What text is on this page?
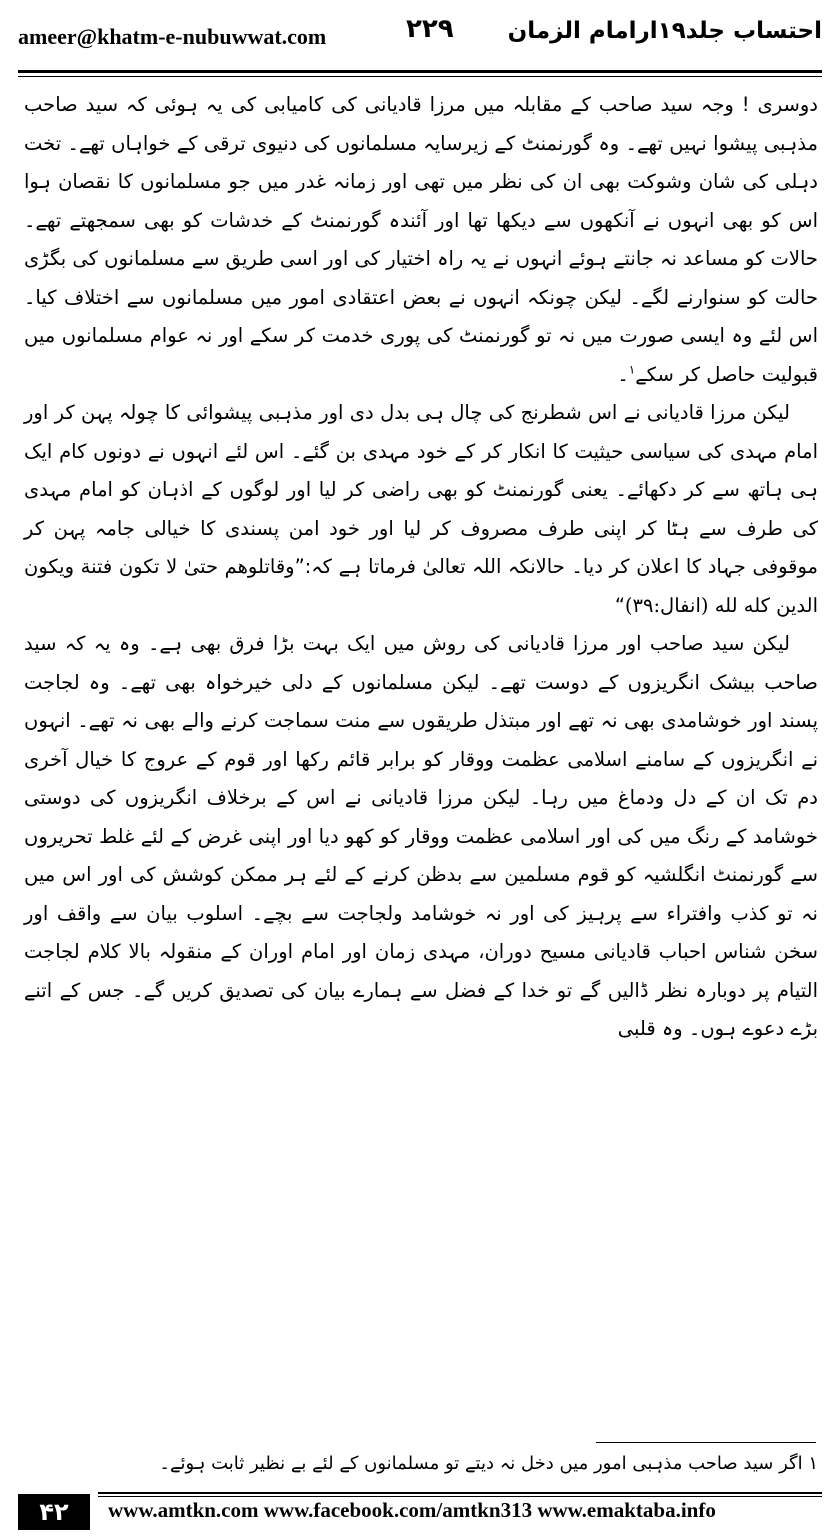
ameer@khatm-e-nubuwwat.com	۲۲۹ احتساب جلد۱۹ارامام الزمان

دوسری ! وجہ سید صاحب کے مقابلہ میں مرزا قادیانی کی کامیابی کی یہ ہوئی کہ سید صاحب مذہبی پیشوا نہیں تھے۔ وہ گورنمنٹ کے زیرسایہ مسلمانوں کی دنیوی ترقی کے خواہاں تھے۔ تخت دہلی کی شان وشوکت بھی ان کی نظر میں تھی اور زمانہ غدر میں جو مسلمانوں کا نقصان ہوا اس کو بھی انہوں نے آنکھوں سے دیکھا تھا اور آئندہ گورنمنٹ کے خدشات کو بھی سمجھتے تھے۔ حالات کو مساعد نہ جانتے ہوئے انہوں نے یہ راہ اختیار کی اور اسی طریق سے مسلمانوں کی بگڑی حالت کو سنوارنے لگے۔ لیکن چونکہ انہوں نے بعض اعتقادی امور میں مسلمانوں سے اختلاف کیا۔ اس لئے وہ ایسی صورت میں نہ تو گورنمنٹ کی پوری خدمت کر سکے اور نہ عوام مسلمانوں میں قبولیت حاصل کر سکے$^۱$۔

لیکن مرزا قادیانی نے اس شطرنج کی چال ہی بدل دی اور مذہبی پیشوائی کا چولہ پہن کر اور امام مہدی کی سیاسی حیثیت کا انکار کر کے خود مہدی بن گئے۔ اس لئے انہوں نے دونوں کام ایک ہی ہاتھ سے کر دکھائے۔ یعنی گورنمنٹ کو بھی راضی کر لیا اور لوگوں کے اذہان کو امام مہدی کی طرف سے ہٹا کر اپنی طرف مصروف کر لیا اور خود امن پسندی کا خیالی جامہ پہن کر موقوفی جہاد کا اعلان کر دیا۔ حالانکہ اللہ تعالیٰ فرماتا ہے کہ:”وقاتلوهم حتىٰ لا تكون فتنة ويكون الدين كله لله (انفال:۳۹)“

لیکن سید صاحب اور مرزا قادیانی کی روش میں ایک بہت بڑا فرق بھی ہے۔ وہ یہ کہ سید صاحب بیشک انگریزوں کے دوست تھے۔ لیکن مسلمانوں کے دلی خیرخواہ بھی تھے۔ وہ لجاجت پسند اور خوشامدی بھی نہ تھے اور مبتذل طریقوں سے منت سماجت کرنے والے بھی نہ تھے۔ انہوں نے انگریزوں کے سامنے اسلامی عظمت ووقار کو برابر قائم رکھا اور قوم کے عروج کا خیال آخری دم تک ان کے دل ودماغ میں رہا۔ لیکن مرزا قادیانی نے اس کے برخلاف انگریزوں کی دوستی خوشامد کے رنگ میں کی اور اسلامی عظمت ووقار کو کھو دیا اور اپنی غرض کے لئے غلط تحریروں سے گورنمنٹ انگلشیہ کو قوم مسلمین سے بدظن کرنے کے لئے ہر ممکن کوشش کی اور اس میں نہ تو کذب وافتراء سے پرہیز کی اور نہ خوشامد ولجاجت سے بچے۔ اسلوب بیان سے واقف اور سخن شناس احباب قادیانی مسیح دوران، مہدی زمان اور امام اوران کے منقولہ بالا کلام لجاجت التیام پر دوبارہ نظر ڈالیں گے تو خدا کے فضل سے ہمارے بیان کی تصدیق کریں گے۔ جس کے اتنے بڑے دعوے ہوں۔ وہ قلبی

۱ اگر سید صاحب مذہبی امور میں دخل نہ دیتے تو مسلمانوں کے لئے بے نظیر ثابت ہوئے۔
۴۲	www.amtkn.com www.facebook.com/amtkn313 www.emaktaba.info
